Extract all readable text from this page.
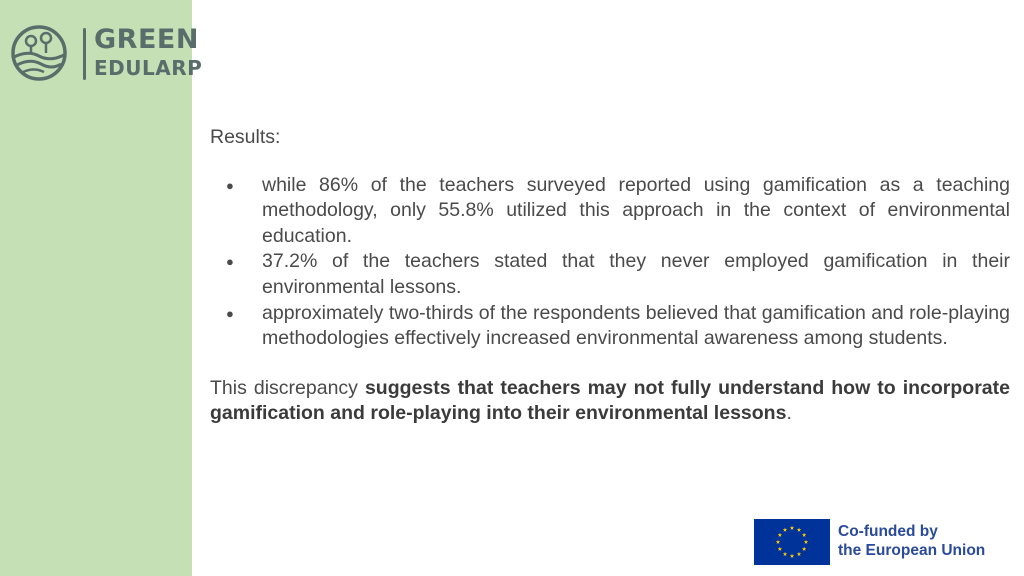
GREEN
EDULARP

Results:

● while 86% of the teachers surveyed reported using gamification as a teaching methodology, only 55.8% utilized this approach in the context of environmental education.
● 37.2% of the teachers stated that they never employed gamification in their environmental lessons.
● approximately two-thirds of the respondents believed that gamification and role-playing methodologies effectively increased environmental awareness among students.

This discrepancy suggests that teachers may not fully understand how to incorporate gamification and role-playing into their environmental lessons.

Co-funded by
the European Union
